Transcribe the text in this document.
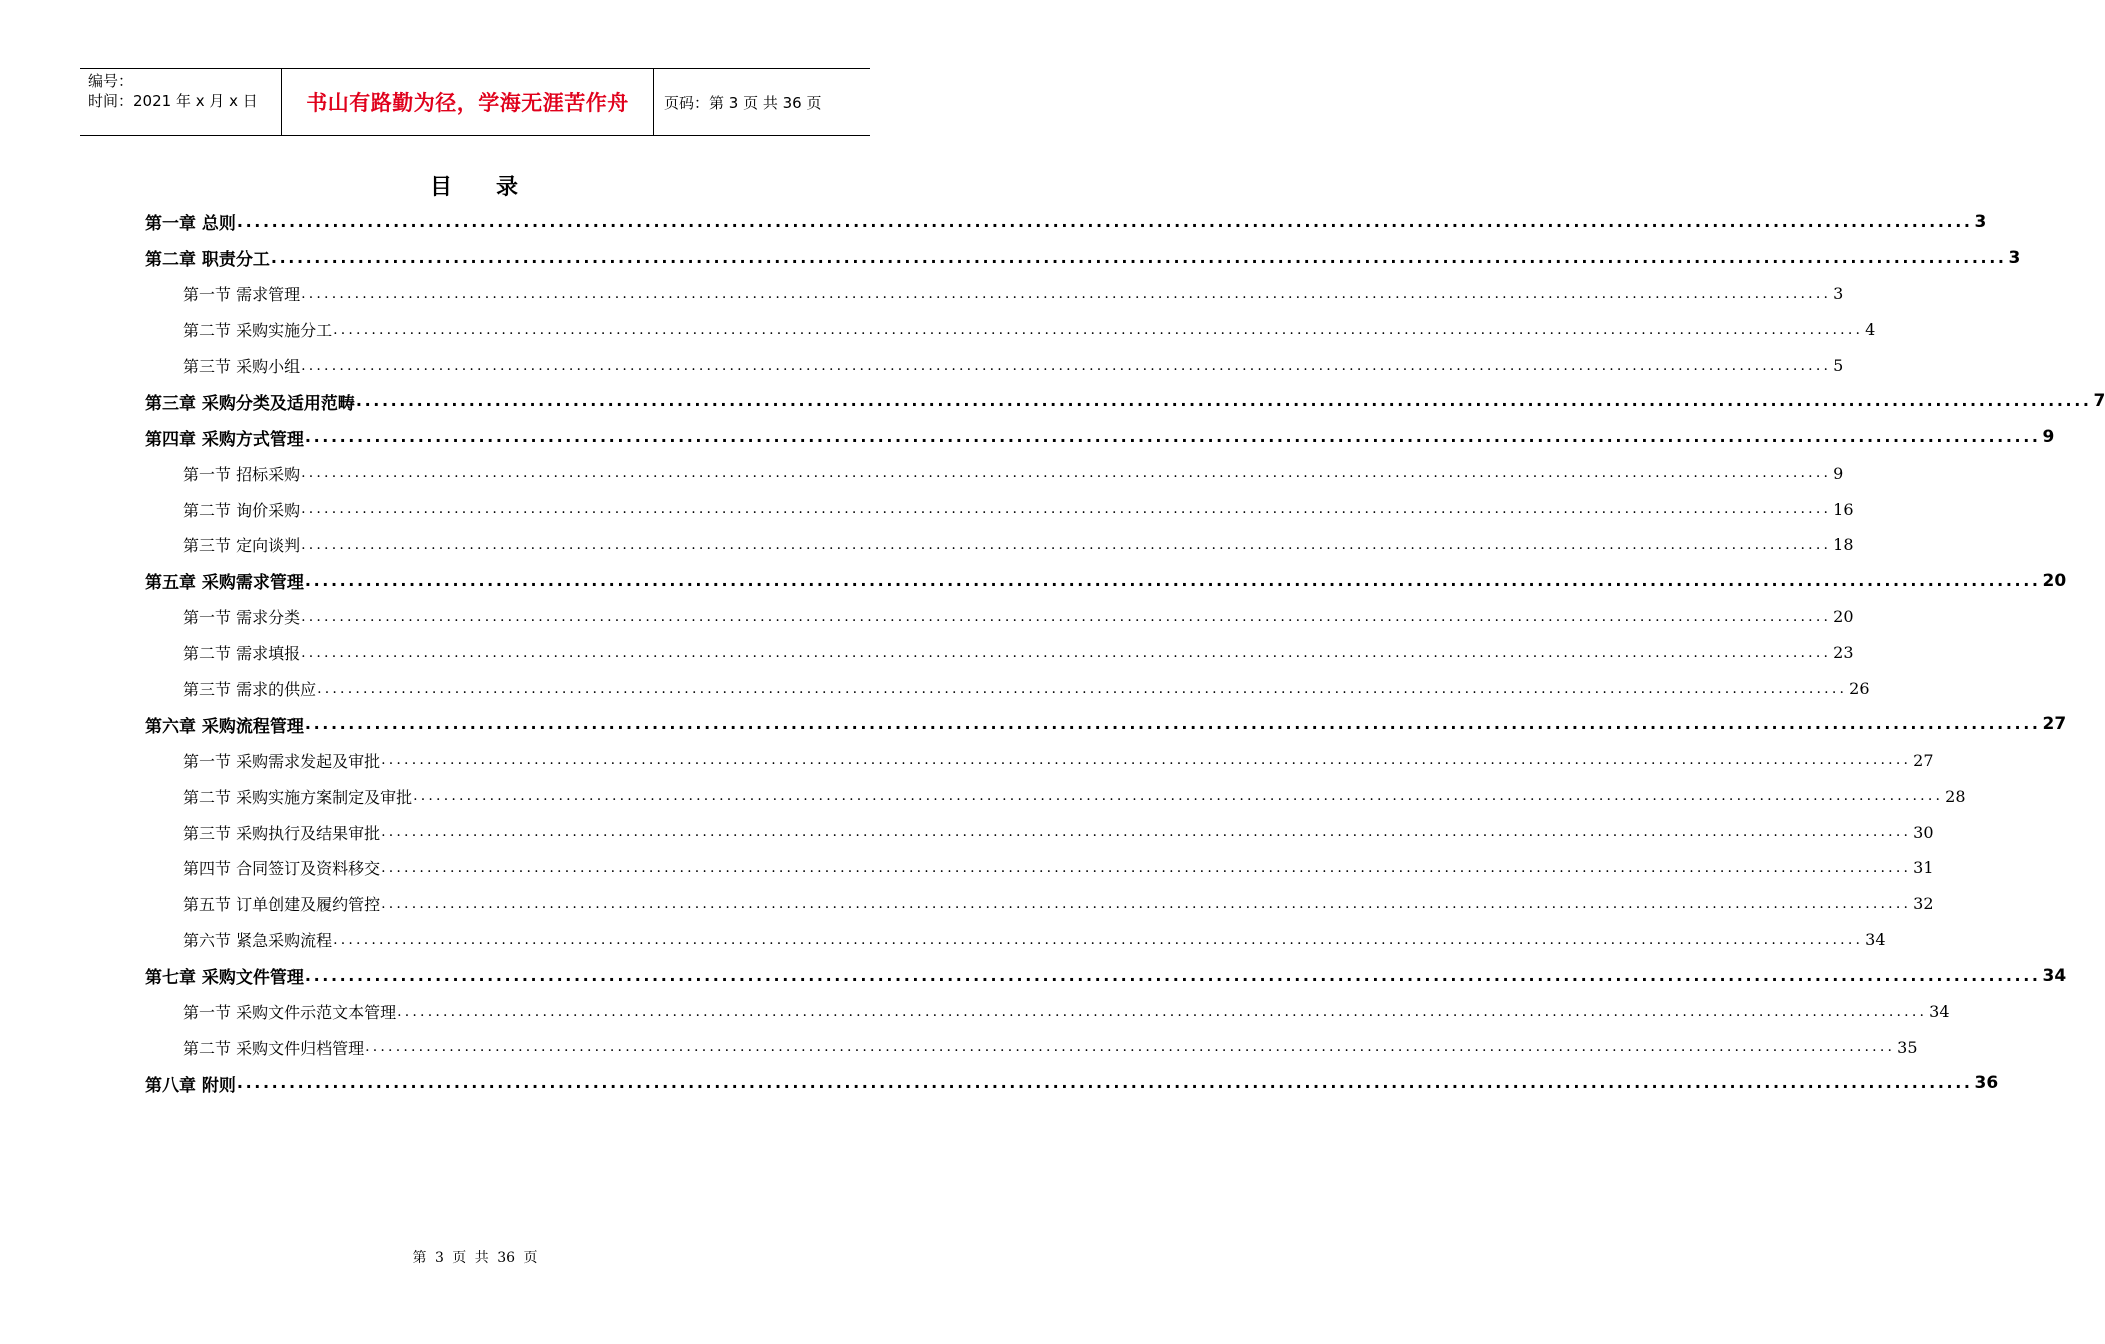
编号：
时间：2021 年 x 月 x 日	书山有路勤为径，学海无涯苦作舟	页码：第 3 页 共 36 页
目 录
第一章 总则 ........................................................................................................................................................................................................ 3
第二章 职责分工 ........................................................................................................................................................................................................ 3
第一节 需求管理 ........................................................................................................................................................................................................ 3
第二节 采购实施分工 ........................................................................................................................................................................................................ 4
第三节 采购小组 ........................................................................................................................................................................................................ 5
第三章 采购分类及适用范畴 ........................................................................................................................................................................................................ 7
第四章 采购方式管理 ........................................................................................................................................................................................................ 9
第一节 招标采购 ........................................................................................................................................................................................................ 9
第二节 询价采购 ........................................................................................................................................................................................................ 16
第三节 定向谈判 ........................................................................................................................................................................................................ 18
第五章 采购需求管理 ........................................................................................................................................................................................................ 20
第一节 需求分类 ........................................................................................................................................................................................................ 20
第二节 需求填报 ........................................................................................................................................................................................................ 23
第三节 需求的供应 ........................................................................................................................................................................................................ 26
第六章 采购流程管理 ........................................................................................................................................................................................................ 27
第一节 采购需求发起及审批 ........................................................................................................................................................................................................ 27
第二节 采购实施方案制定及审批 ........................................................................................................................................................................................................ 28
第三节 采购执行及结果审批 ........................................................................................................................................................................................................ 30
第四节 合同签订及资料移交 ........................................................................................................................................................................................................ 31
第五节 订单创建及履约管控 ........................................................................................................................................................................................................ 32
第六节 紧急采购流程 ........................................................................................................................................................................................................ 34
第七章 采购文件管理 ........................................................................................................................................................................................................ 34
第一节 采购文件示范文本管理 ........................................................................................................................................................................................................ 34
第二节 采购文件归档管理 ........................................................................................................................................................................................................ 35
第八章 附则 ........................................................................................................................................................................................................ 36
第 3 页 共 36 页
